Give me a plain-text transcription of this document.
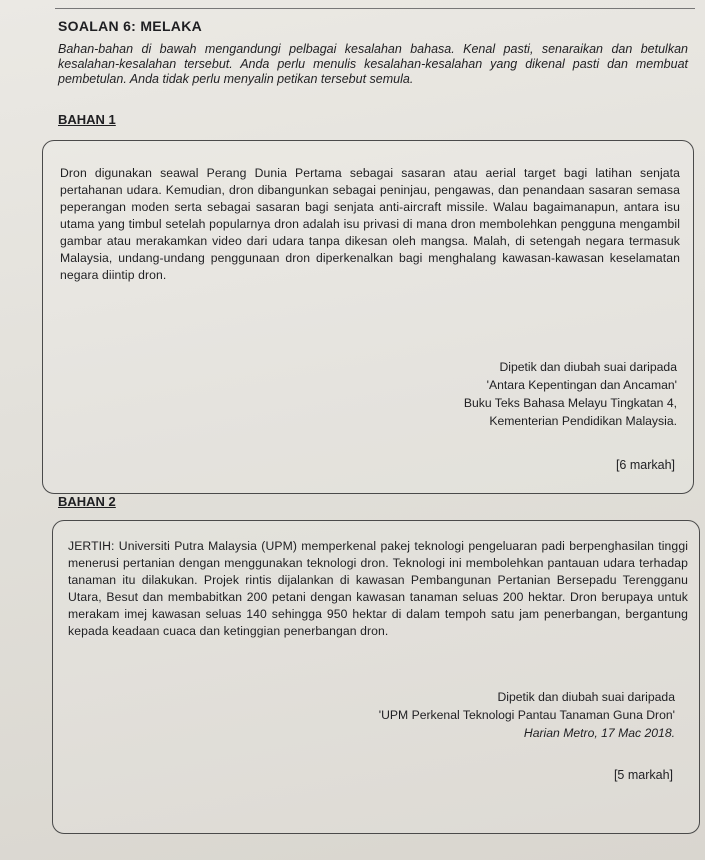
SOALAN 6: MELAKA
Bahan-bahan di bawah mengandungi pelbagai kesalahan bahasa. Kenal pasti, senaraikan dan betulkan kesalahan-kesalahan tersebut. Anda perlu menulis kesalahan-kesalahan yang dikenal pasti dan membuat pembetulan. Anda tidak perlu menyalin petikan tersebut semula.
BAHAN 1
Dron digunakan seawal Perang Dunia Pertama sebagai sasaran atau aerial target bagi latihan senjata pertahanan udara. Kemudian, dron dibangunkan sebagai peninjau, pengawas, dan penandaan sasaran semasa peperangan moden serta sebagai sasaran bagi senjata anti-aircraft missile. Walau bagaimanapun, antara isu utama yang timbul setelah popularnya dron adalah isu privasi di mana dron membolehkan pengguna mengambil gambar atau merakamkan video dari udara tanpa dikesan oleh mangsa. Malah, di setengah negara termasuk Malaysia, undang-undang penggunaan dron diperkenalkan bagi menghalang kawasan-kawasan keselamatan negara diintip dron.
Dipetik dan diubah suai daripada
'Antara Kepentingan dan Ancaman'
Buku Teks Bahasa Melayu Tingkatan 4,
Kementerian Pendidikan Malaysia.
[6 markah]
BAHAN 2
JERTIH: Universiti Putra Malaysia (UPM) memperkenal pakej teknologi pengeluaran padi berpenghasilan tinggi menerusi pertanian dengan menggunakan teknologi dron. Teknologi ini membolehkan pantauan udara terhadap tanaman itu dilakukan. Projek rintis dijalankan di kawasan Pembangunan Pertanian Bersepadu Terengganu Utara, Besut dan membabitkan 200 petani dengan kawasan tanaman seluas 200 hektar. Dron berupaya untuk merakam imej kawasan seluas 140 sehingga 950 hektar di dalam tempoh satu jam penerbangan, bergantung kepada keadaan cuaca dan ketinggian penerbangan dron.
Dipetik dan diubah suai daripada
'UPM Perkenal Teknologi Pantau Tanaman Guna Dron'
Harian Metro, 17 Mac 2018.
[5 markah]
